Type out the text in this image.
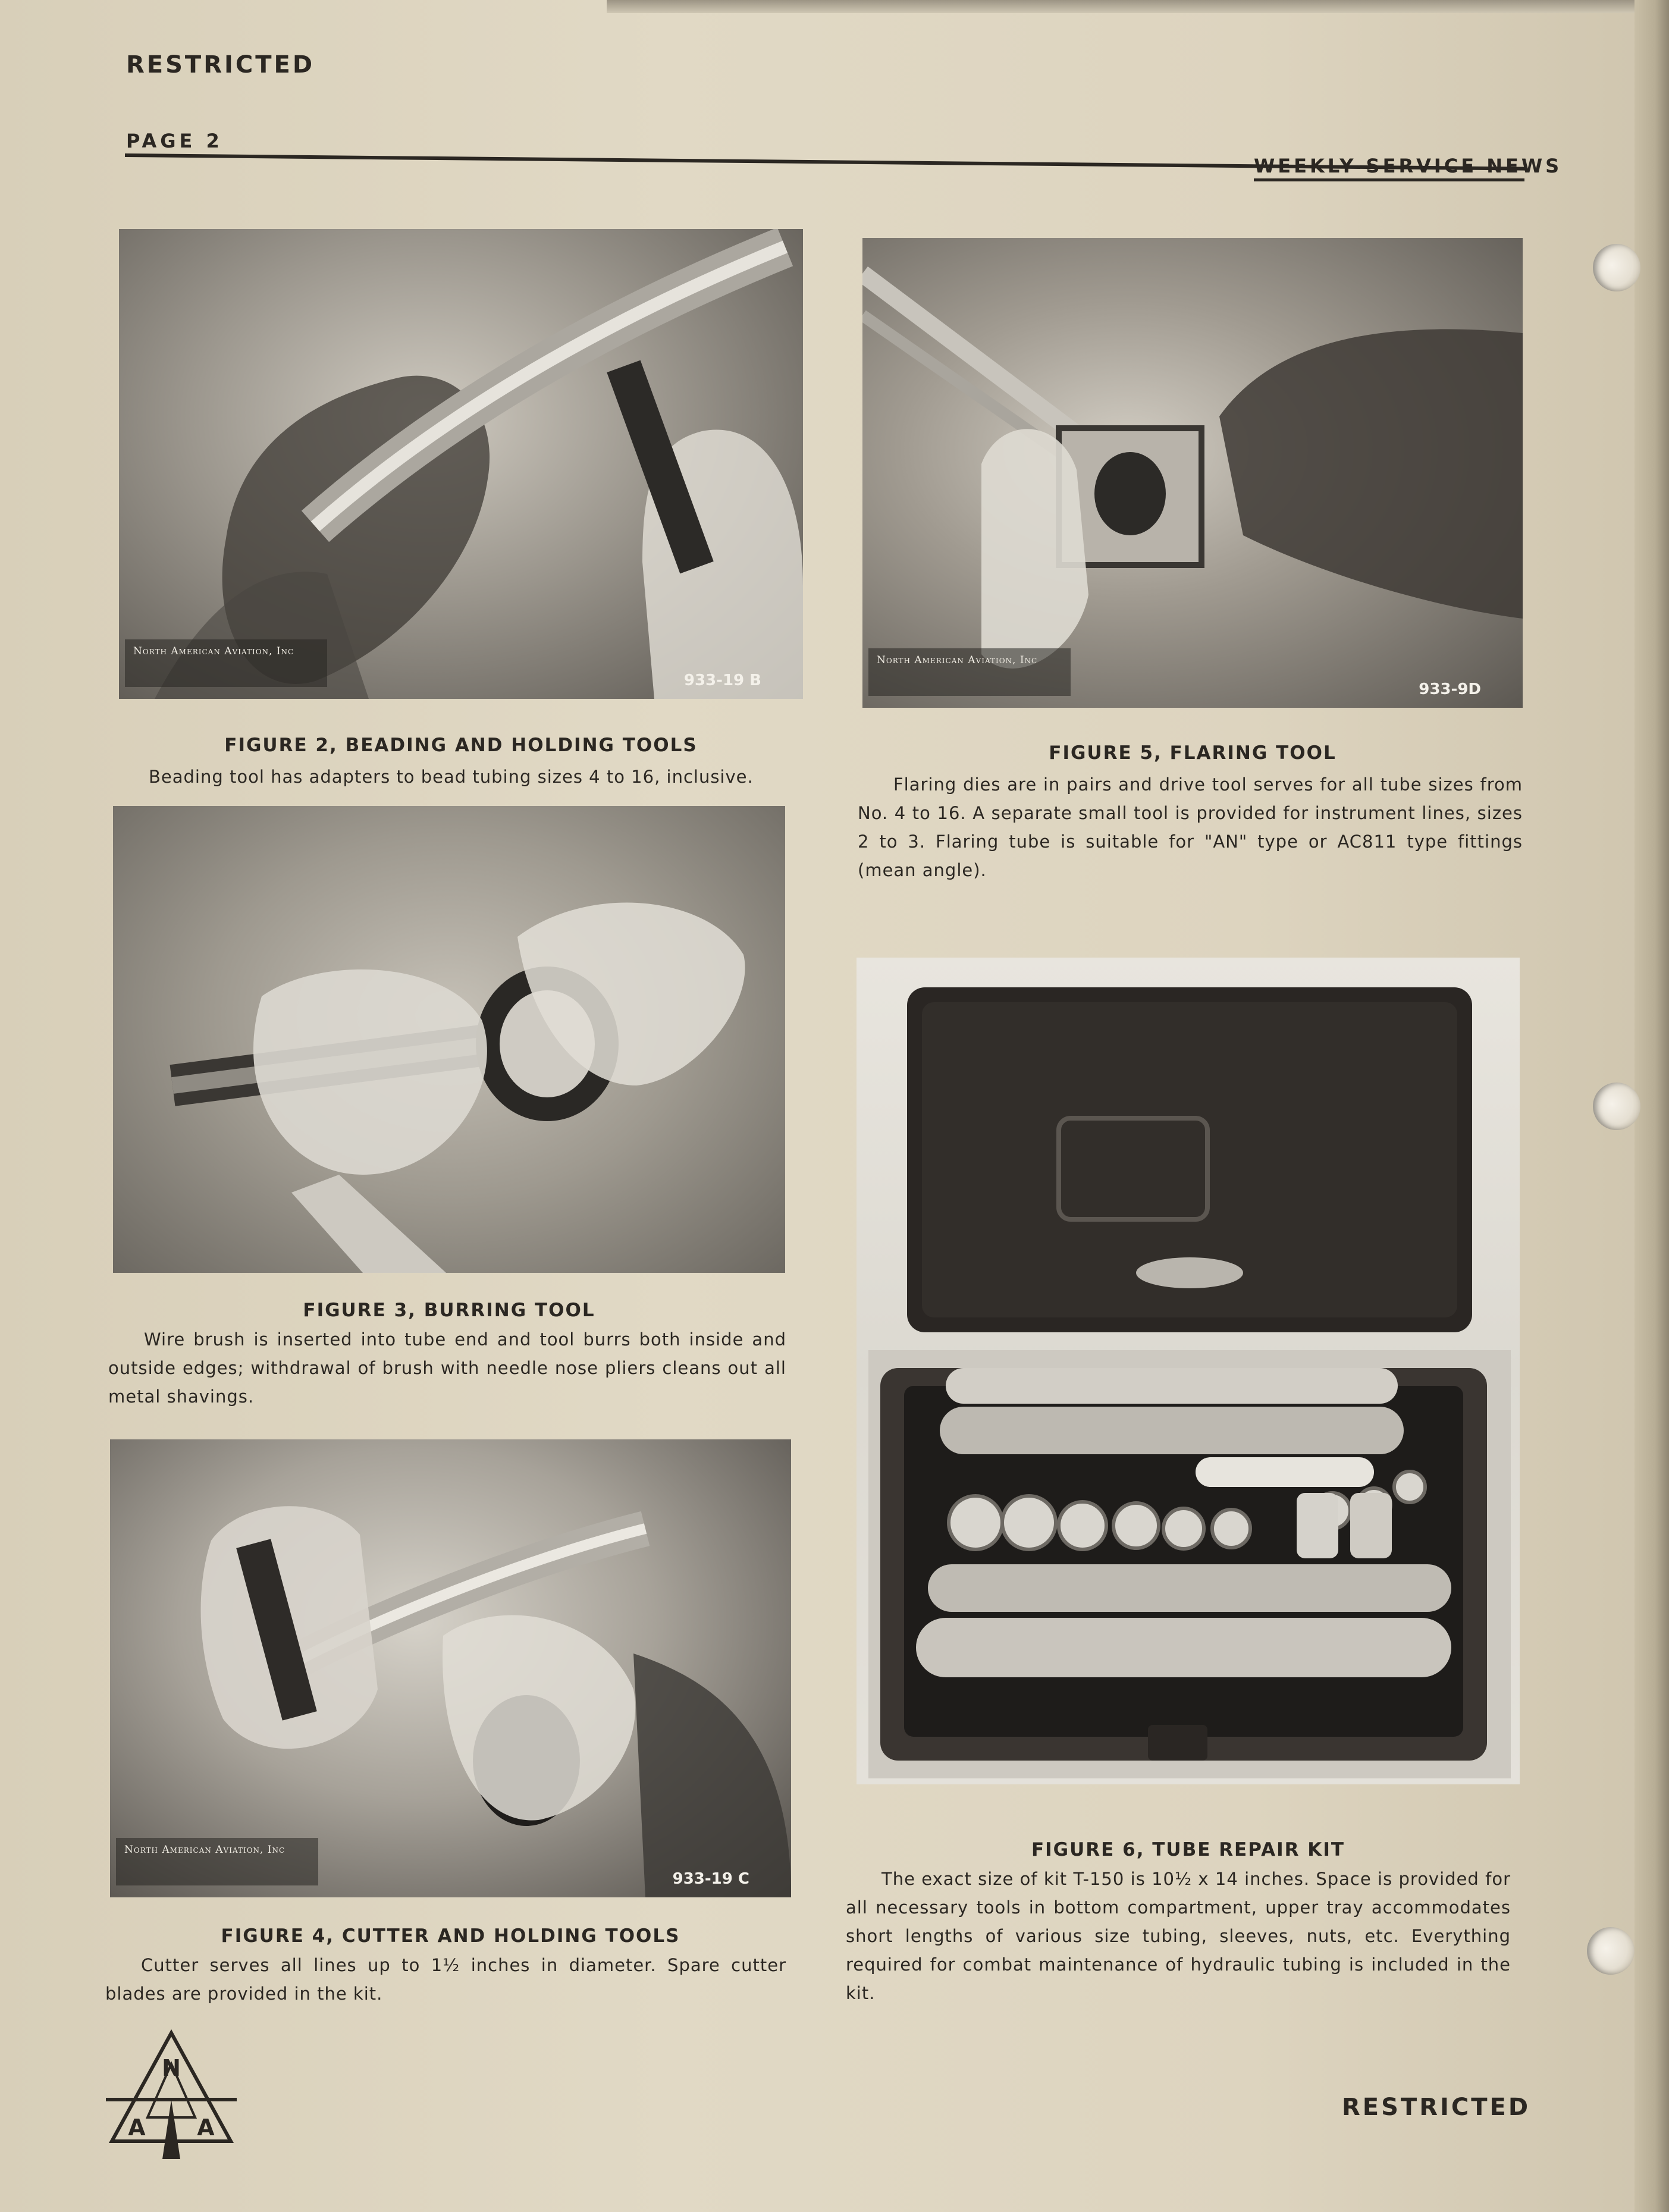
RESTRICTED
PAGE 2
WEEKLY SERVICE NEWS
North American Aviation, Inc
933-19 B
FIGURE 2, BEADING AND HOLDING TOOLS
Beading tool has adapters to bead tubing sizes 4 to 16, inclusive.
North American Aviation, Inc
933-9D
FIGURE 5, FLARING TOOL
Flaring dies are in pairs and drive tool serves for all tube sizes from No. 4 to 16. A separate small tool is provided for instrument lines, sizes 2 to 3. Flaring tube is suitable for "AN" type or AC811 type fittings (mean angle).
FIGURE 3, BURRING TOOL
Wire brush is inserted into tube end and tool burrs both inside and outside edges; withdrawal of brush with needle nose pliers cleans out all metal shavings.
FIGURE 6, TUBE REPAIR KIT
The exact size of kit T-150 is 10½ x 14 inches. Space is provided for all necessary tools in bottom compartment, upper tray accommodates short lengths of various size tubing, sleeves, nuts, etc. Everything required for combat maintenance of hydraulic tubing is included in the kit.
North American Aviation, Inc
933-19 C
FIGURE 4, CUTTER AND HOLDING TOOLS
Cutter serves all lines up to 1½ inches in diameter. Spare cutter blades are provided in the kit.
N
A A
RESTRICTED
